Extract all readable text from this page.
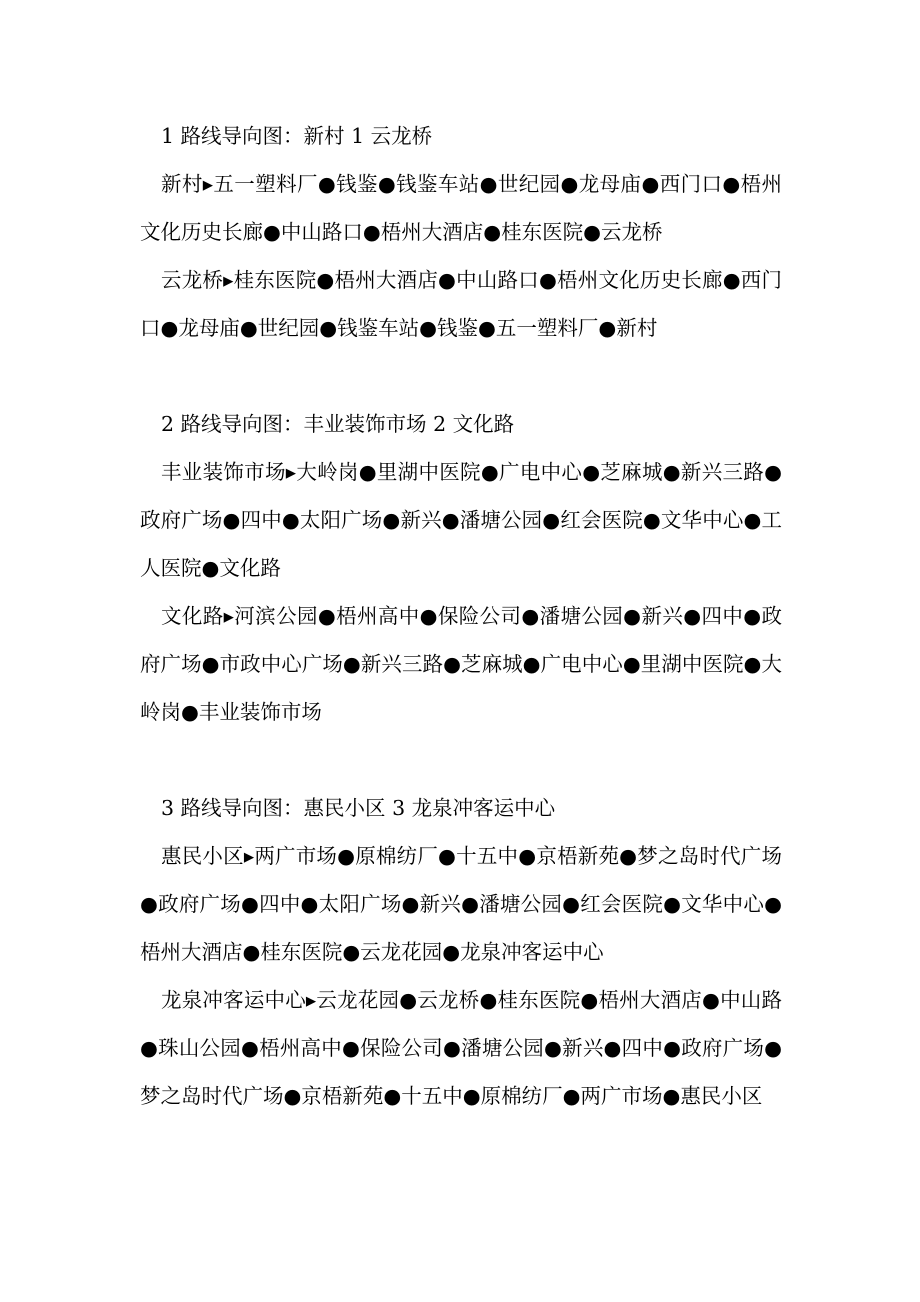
1 路线导向图：新村 1 云龙桥

新村▸五一塑料厂●钱鉴●钱鉴车站●世纪园●龙母庙●西门口●梧州文化历史长廊●中山路口●梧州大酒店●桂东医院●云龙桥

云龙桥▸桂东医院●梧州大酒店●中山路口●梧州文化历史长廊●西门口●龙母庙●世纪园●钱鉴车站●钱鉴●五一塑料厂●新村

2 路线导向图：丰业装饰市场 2 文化路

丰业装饰市场▸大岭岗●里湖中医院●广电中心●芝麻城●新兴三路●政府广场●四中●太阳广场●新兴●潘塘公园●红会医院●文华中心●工人医院●文化路

文化路▸河滨公园●梧州高中●保险公司●潘塘公园●新兴●四中●政府广场●市政中心广场●新兴三路●芝麻城●广电中心●里湖中医院●大岭岗●丰业装饰市场

3 路线导向图：惠民小区 3 龙泉冲客运中心

惠民小区▸两广市场●原棉纺厂●十五中●京梧新苑●梦之岛时代广场●政府广场●四中●太阳广场●新兴●潘塘公园●红会医院●文华中心●梧州大酒店●桂东医院●云龙花园●龙泉冲客运中心

龙泉冲客运中心▸云龙花园●云龙桥●桂东医院●梧州大酒店●中山路●珠山公园●梧州高中●保险公司●潘塘公园●新兴●四中●政府广场●梦之岛时代广场●京梧新苑●十五中●原棉纺厂●两广市场●惠民小区
